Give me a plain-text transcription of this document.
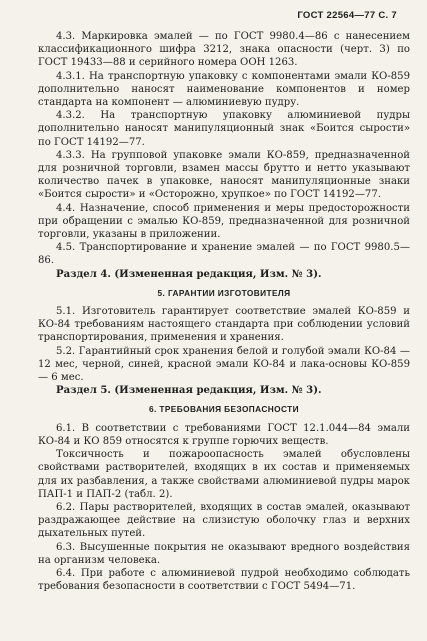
ГОСТ 22564—77 С. 7

4.3. Маркировка эмалей — по ГОСТ 9980.4—86 с нанесением классификационного шифра 3212, знака опасности (черт. 3) по ГОСТ 19433—88 и серийного номера ООН 1263.

4.3.1. На транспортную упаковку с компонентами эмали КО-859 дополнительно наносят наименование компонентов и номер стандарта на компонент — алюминиевую пудру.

4.3.2. На транспортную упаковку алюминиевой пудры дополнительно наносят манипуляционный знак «Боится сырости» по ГОСТ 14192—77.

4.3.3. На групповой упаковке эмали КО-859, предназначенной для розничной торговли, взамен массы брутто и нетто указывают количество пачек в упаковке, наносят манипуляционные знаки «Боится сырости» и «Осторожно, хрупкое» по ГОСТ 14192—77.

4.4. Назначение, способ применения и меры предосторожности при обращении с эмалью КО-859, предназначенной для розничной торговли, указаны в приложении.

4.5. Транспортирование и хранение эмалей — по ГОСТ 9980.5—86.

Раздел 4. (Измененная редакция, Изм. № 3).

5. ГАРАНТИИ ИЗГОТОВИТЕЛЯ

5.1. Изготовитель гарантирует соответствие эмалей КО-859 и КО-84 требованиям настоящего стандарта при соблюдении условий транспортирования, применения и хранения.

5.2. Гарантийный срок хранения белой и голубой эмали КО-84 — 12 мес, черной, синей, красной эмали КО-84 и лака-основы КО-859 — 6 мес.

Раздел 5. (Измененная редакция, Изм. № 3).

6. ТРЕБОВАНИЯ БЕЗОПАСНОСТИ

6.1. В соответствии с требованиями ГОСТ 12.1.044—84 эмали КО-84 и КО 859 относятся к группе горючих веществ.

Токсичность и пожароопасность эмалей обусловлены свойствами растворителей, входящих в их состав и применяемых для их разбавления, а также свойствами алюминиевой пудры марок ПАП-1 и ПАП-2 (табл. 2).

6.2. Пары растворителей, входящих в состав эмалей, оказывают раздражающее действие на слизистую оболочку глаз и верхних дыхательных путей.

6.3. Высушенные покрытия не оказывают вредного воздействия на организм человека.

6.4. При работе с алюминиевой пудрой необходимо соблюдать требования безопасности в соответствии с ГОСТ 5494—71.
